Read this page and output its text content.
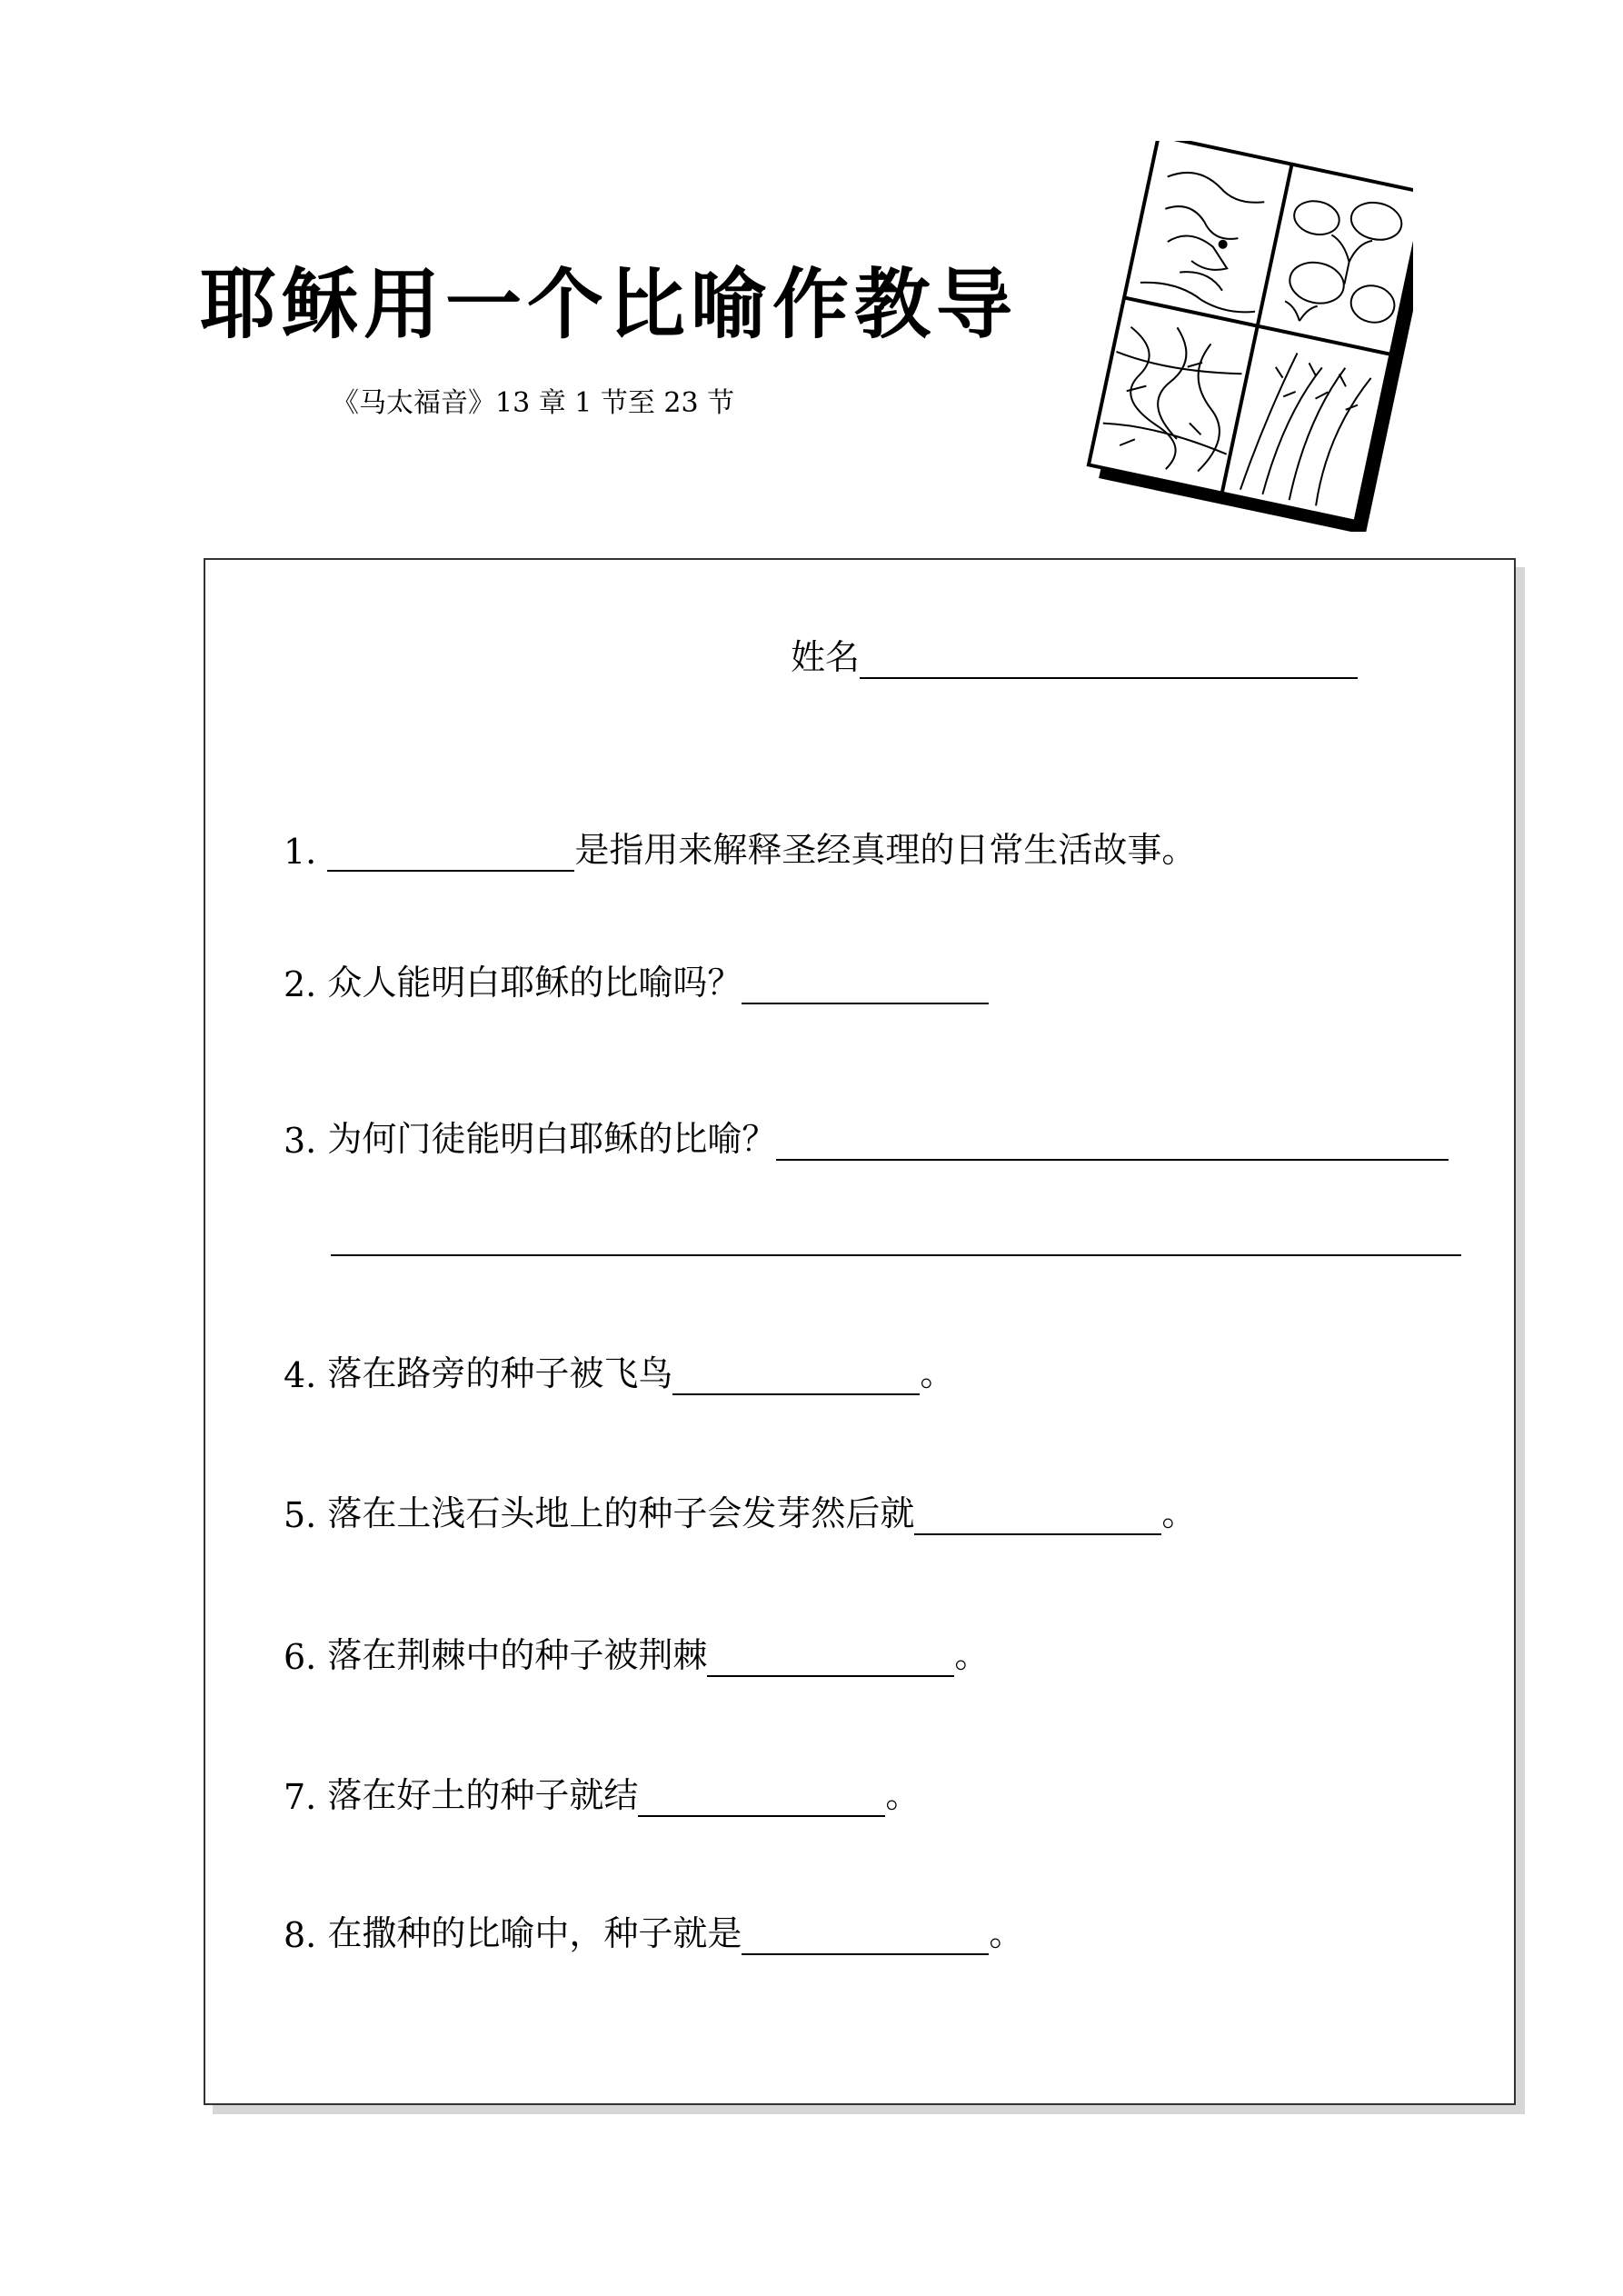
耶稣用一个比喻作教导
《马太福音》13 章 1 节至 23 节
姓名
1.
	是指用来解释圣经真理的日常生活故事。
2.
众人能明白耶稣的比喻吗？
3.
为何门徒能明白耶稣的比喻？
4.
落在路旁的种子被飞鸟	。
5.
落在土浅石头地上的种子会发芽然后就	。
6.
落在荆棘中的种子被荆棘	。
7.
落在好土的种子就结	。
8.
在撒种的比喻中，种子就是	。
